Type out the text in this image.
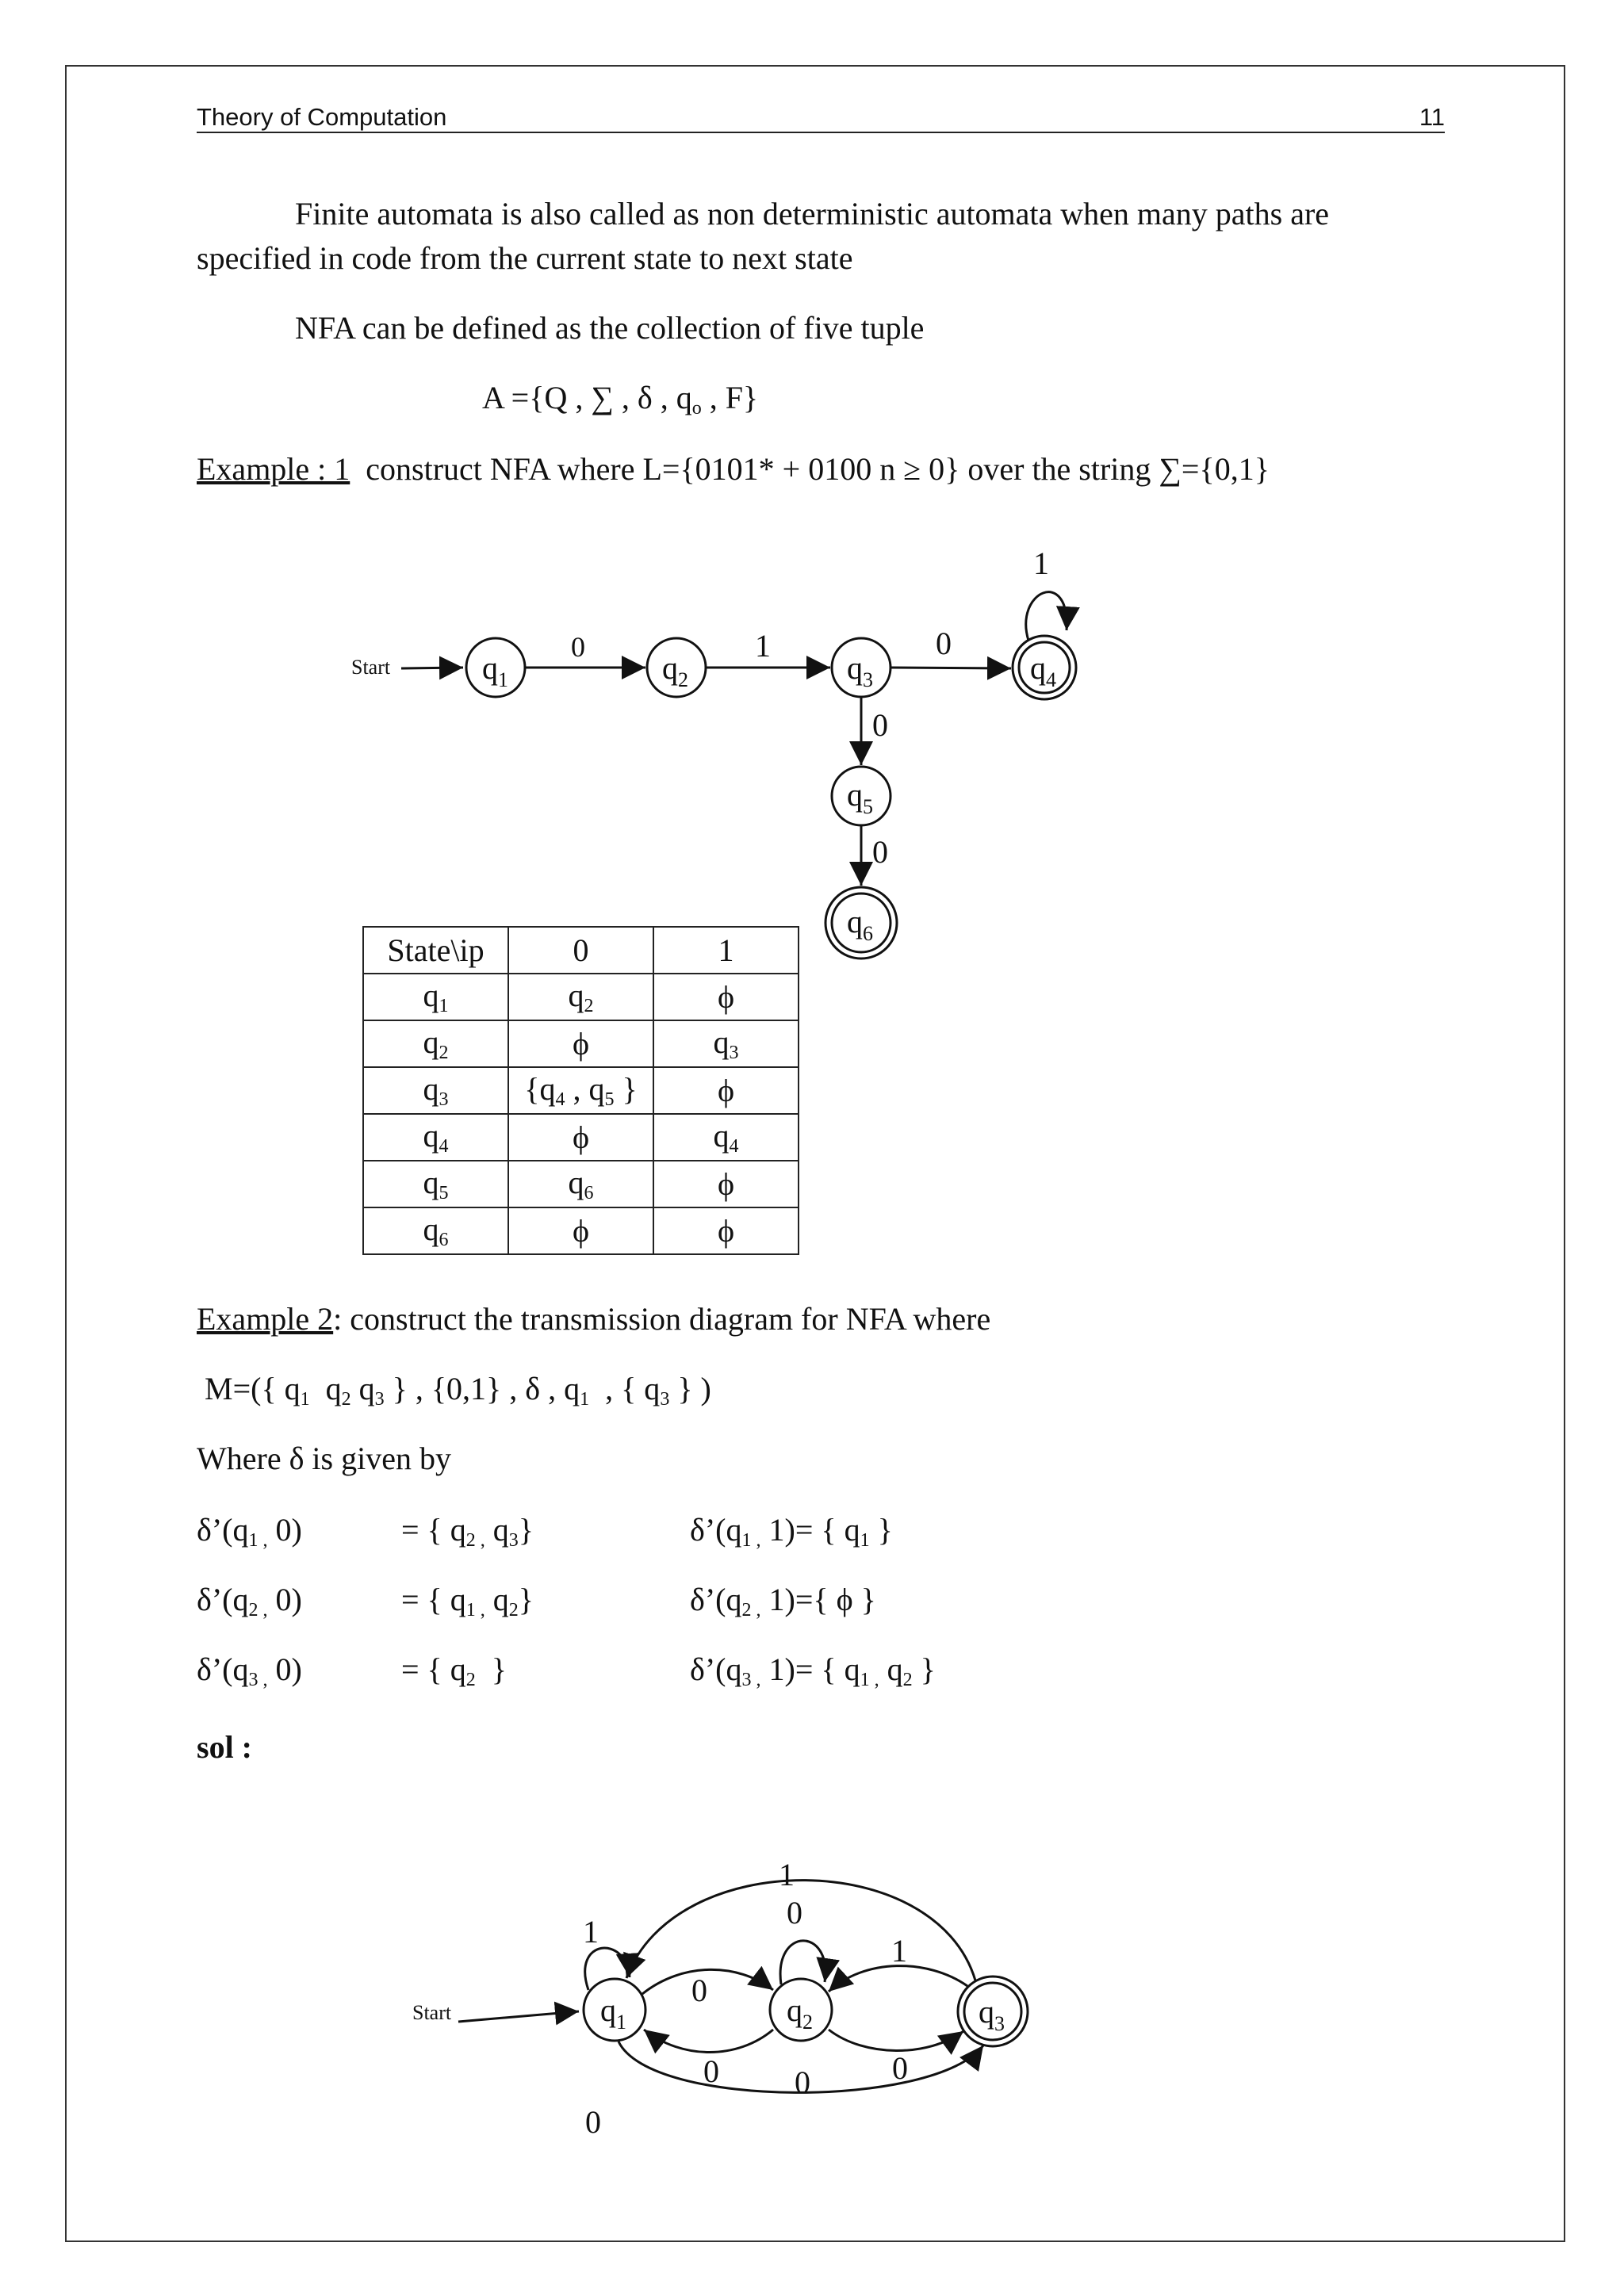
Theory of Computation	11
Finite automata is also called as non deterministic automata when many paths are
specified in code from the current state to next state
NFA can be defined as the collection of five tuple
A ={Q , ∑ , δ , $q_o$ , F}
Example : 1 construct NFA where L={0101* + 0100 n ≥ 0} over the string ∑={0,1}
Start	$q_1$	$q_2$	$q_3$	$q_4$
$q_5$
$q_6$
0	1	0
1
0
0
State\ip	0	1
$q_1$	$q_2$	ϕ
$q_2$	ϕ	$q_3$
$q_3$	{$q_4$ , $q_5$ }	ϕ
$q_4$	ϕ	$q_4$
$q_5$	$q_6$	ϕ
$q_6$	ϕ	ϕ
Example 2: construct the transmission diagram for NFA where
M=({ $q_1$  $q_2$ $q_3$ } , {0,1} , δ , $q_1$  , { $q_3$ } )
Where δ is given by
$\delta’(q_{1 ,}$ 0)	= { $q_{2 ,}$ $q_3$}	$\delta’(q_{1 ,}$ 1)= { $q_1$ }
$\delta’(q_{2 ,}$ 0)	= { $q_{1 ,}$ $q_2$}	$\delta’(q_{2 ,}$ 1)={ ϕ }
$\delta’(q_{3 ,}$ 0)	= { $q_2$  }	$\delta’(q_{3 ,}$ 1)= { $q_{1 ,}$ $q_2$ }
sol :
Start	$q_1$	$q_2$	$q_3$
1
0
1
1
0
0 0	0
0
